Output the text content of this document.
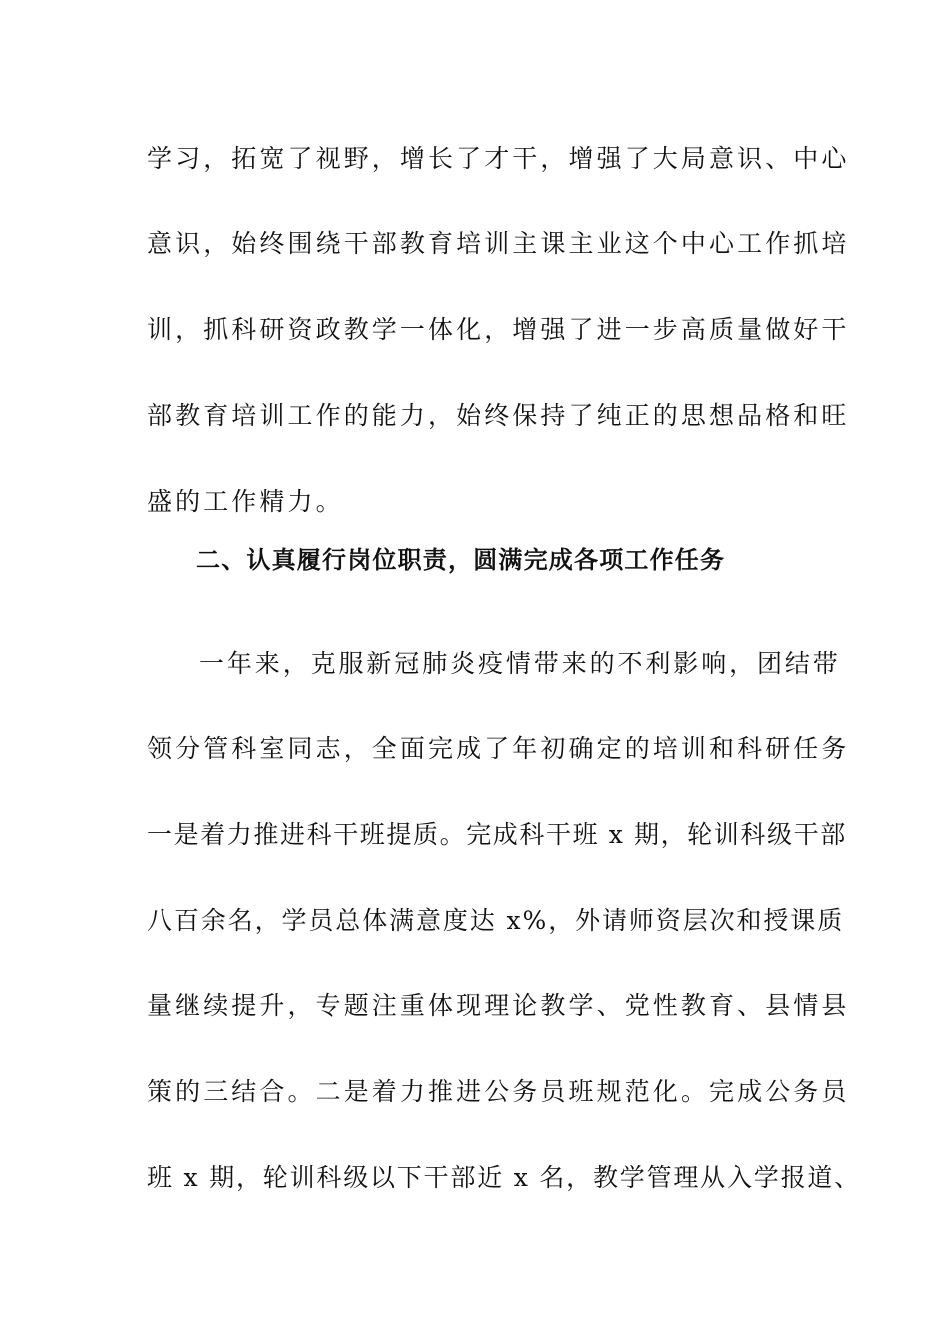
学习，拓宽了视野，增长了才干，增强了大局意识、中心
意识，始终围绕干部教育培训主课主业这个中心工作抓培
训，抓科研资政教学一体化，增强了进一步高质量做好干
部教育培训工作的能力，始终保持了纯正的思想品格和旺
盛的工作精力。
二、认真履行岗位职责，圆满完成各项工作任务
一年来，克服新冠肺炎疫情带来的不利影响，团结带
领分管科室同志，全面完成了年初确定的培训和科研任务
一是着力推进科干班提质。完成科干班 x 期，轮训科级干部
八百余名，学员总体满意度达 x%，外请师资层次和授课质
量继续提升，专题注重体现理论教学、党性教育、县情县
策的三结合。二是着力推进公务员班规范化。完成公务员
班 x 期，轮训科级以下干部近 x 名，教学管理从入学报道、
